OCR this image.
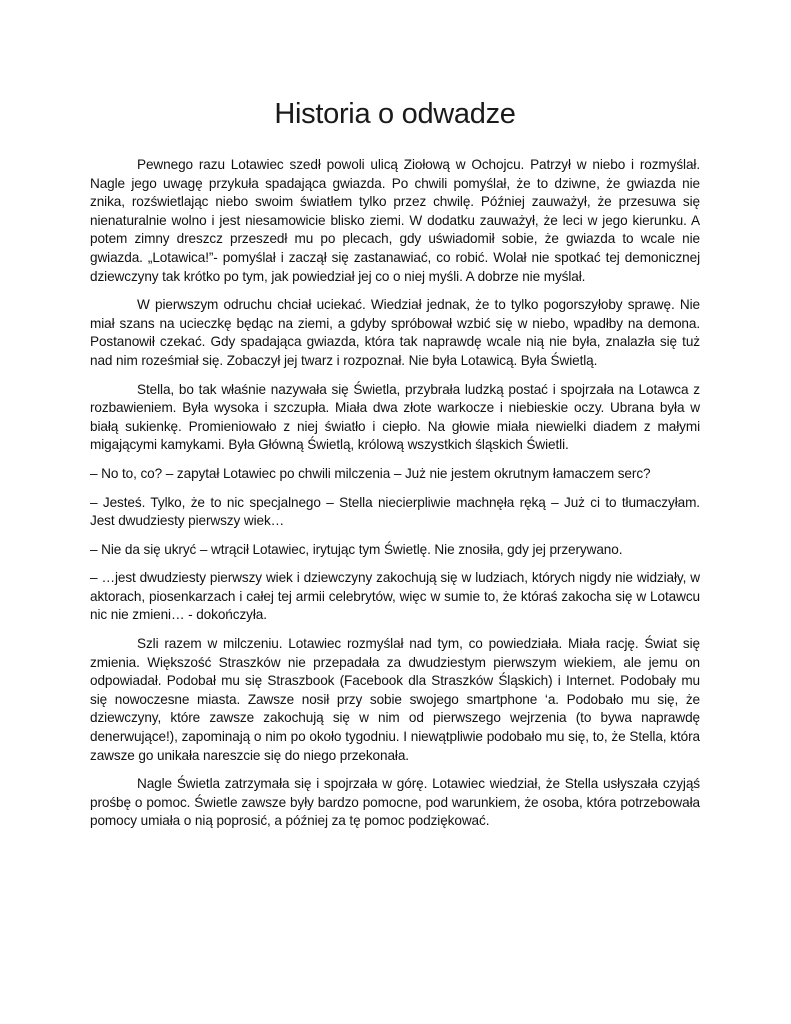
Historia o odwadze

Pewnego razu Lotawiec szedł powoli ulicą Ziołową w Ochojcu. Patrzył w niebo i rozmyślał. Nagle jego uwagę przykuła spadająca gwiazda. Po chwili pomyślał, że to dziwne, że gwiazda nie znika, rozświetlając niebo swoim światłem tylko przez chwilę. Później zauważył, że przesuwa się nienaturalnie wolno i jest niesamowicie blisko ziemi. W dodatku zauważył, że leci w jego kierunku. A potem zimny dreszcz przeszedł mu po plecach, gdy uświadomił sobie, że gwiazda to wcale nie gwiazda. „Lotawica!”- pomyślał i zaczął się zastanawiać, co robić. Wolał nie spotkać tej demonicznej dziewczyny tak krótko po tym, jak powiedział jej co o niej myśli. A dobrze nie myślał.

W pierwszym odruchu chciał uciekać. Wiedział jednak, że to tylko pogorszyłoby sprawę. Nie miał szans na ucieczkę będąc na ziemi, a gdyby spróbował wzbić się w niebo, wpadłby na demona. Postanowił czekać. Gdy spadająca gwiazda, która tak naprawdę wcale nią nie była, znalazła się tuż nad nim roześmiał się. Zobaczył jej twarz i rozpoznał. Nie była Lotawicą. Była Świetlą.

Stella, bo tak właśnie nazywała się Świetla, przybrała ludzką postać i spojrzała na Lotawca z rozbawieniem. Była wysoka i szczupła. Miała dwa złote warkocze i niebieskie oczy. Ubrana była w białą sukienkę. Promieniowało z niej światło i ciepło. Na głowie miała niewielki diadem z małymi migającymi kamykami. Była Główną Świetlą, królową wszystkich śląskich Świetli.

– No to, co? – zapytał Lotawiec po chwili milczenia – Już nie jestem okrutnym łamaczem serc?

– Jesteś. Tylko, że to nic specjalnego – Stella niecierpliwie machnęła ręką – Już ci to tłumaczyłam. Jest dwudziesty pierwszy wiek…

– Nie da się ukryć – wtrącił Lotawiec, irytując tym Świetlę. Nie znosiła, gdy jej przerywano.

– …jest dwudziesty pierwszy wiek i dziewczyny zakochują się w ludziach, których nigdy nie widziały, w aktorach, piosenkarzach i całej tej armii celebrytów, więc w sumie to, że któraś zakocha się w Lotawcu nic nie zmieni… - dokończyła.

Szli razem w milczeniu. Lotawiec rozmyślał nad tym, co powiedziała. Miała rację. Świat się zmienia. Większość Straszków nie przepadała za dwudziestym pierwszym wiekiem, ale jemu on odpowiadał. Podobał mu się Straszbook (Facebook dla Straszków Śląskich) i Internet. Podobały mu się nowoczesne miasta. Zawsze nosił przy sobie swojego smartphone ‘a. Podobało mu się, że dziewczyny, które zawsze zakochują się w nim od pierwszego wejrzenia (to bywa naprawdę denerwujące!), zapominają o nim po około tygodniu. I niewątpliwie podobało mu się, to, że Stella, która zawsze go unikała nareszcie się do niego przekonała.

Nagle Świetla zatrzymała się i spojrzała w górę. Lotawiec wiedział, że Stella usłyszała czyjąś prośbę o pomoc. Świetle zawsze były bardzo pomocne, pod warunkiem, że osoba, która potrzebowała pomocy umiała o nią poprosić, a później za tę pomoc podziękować.
